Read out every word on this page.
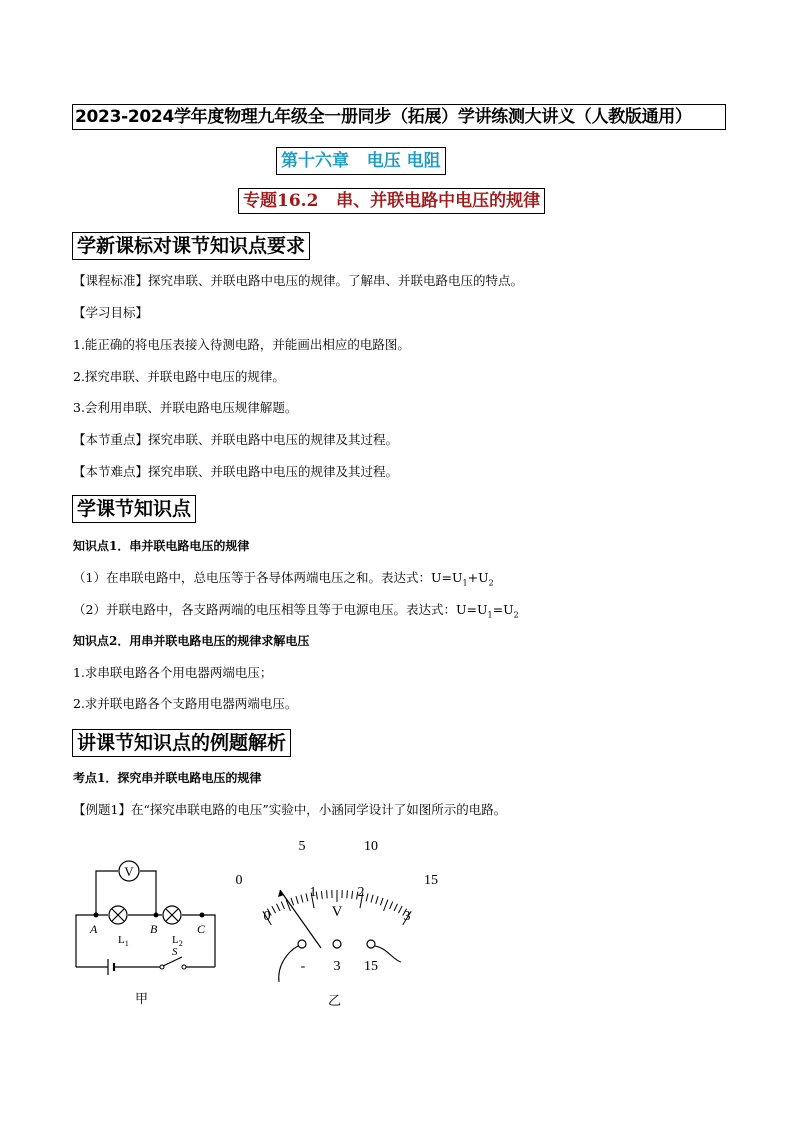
2023-2024学年度物理九年级全一册同步（拓展）学讲练测大讲义（人教版通用）
第十六章   电压 电阻
专题16.2   串、并联电路中电压的规律
学新课标对课节知识点要求
【课程标准】探究串联、并联电路中电压的规律。了解串、并联电路电压的特点。
【学习目标】
1.能正确的将电压表接入待测电路，并能画出相应的电路图。
2.探究串联、并联电路中电压的规律。
3.会利用串联、并联电路电压规律解题。
【本节重点】探究串联、并联电路中电压的规律及其过程。
【本节难点】探究串联、并联电路中电压的规律及其过程。
学课节知识点
知识点1．串并联电路电压的规律
（1）在串联电路中，总电压等于各导体两端电压之和。表达式：$U=U_1+U_2$
（2）并联电路中，各支路两端的电压相等且等于电源电压。表达式：$U=U_1=U_2$
知识点2．用串并联电路电压的规律求解电压
1.求串联电路各个用电器两端电压；
2.求并联电路各个支路用电器两端电压。
讲课节知识点的例题解析
考点1．探究串并联电路电压的规律
【例题1】在“探究串联电路的电压”实验中，小涵同学设计了如图所示的电路。
V
A	B	C
$L_1$	$L_2$
S
甲
0
5	10
15
0
1	2
3
V
- 3 15
乙
